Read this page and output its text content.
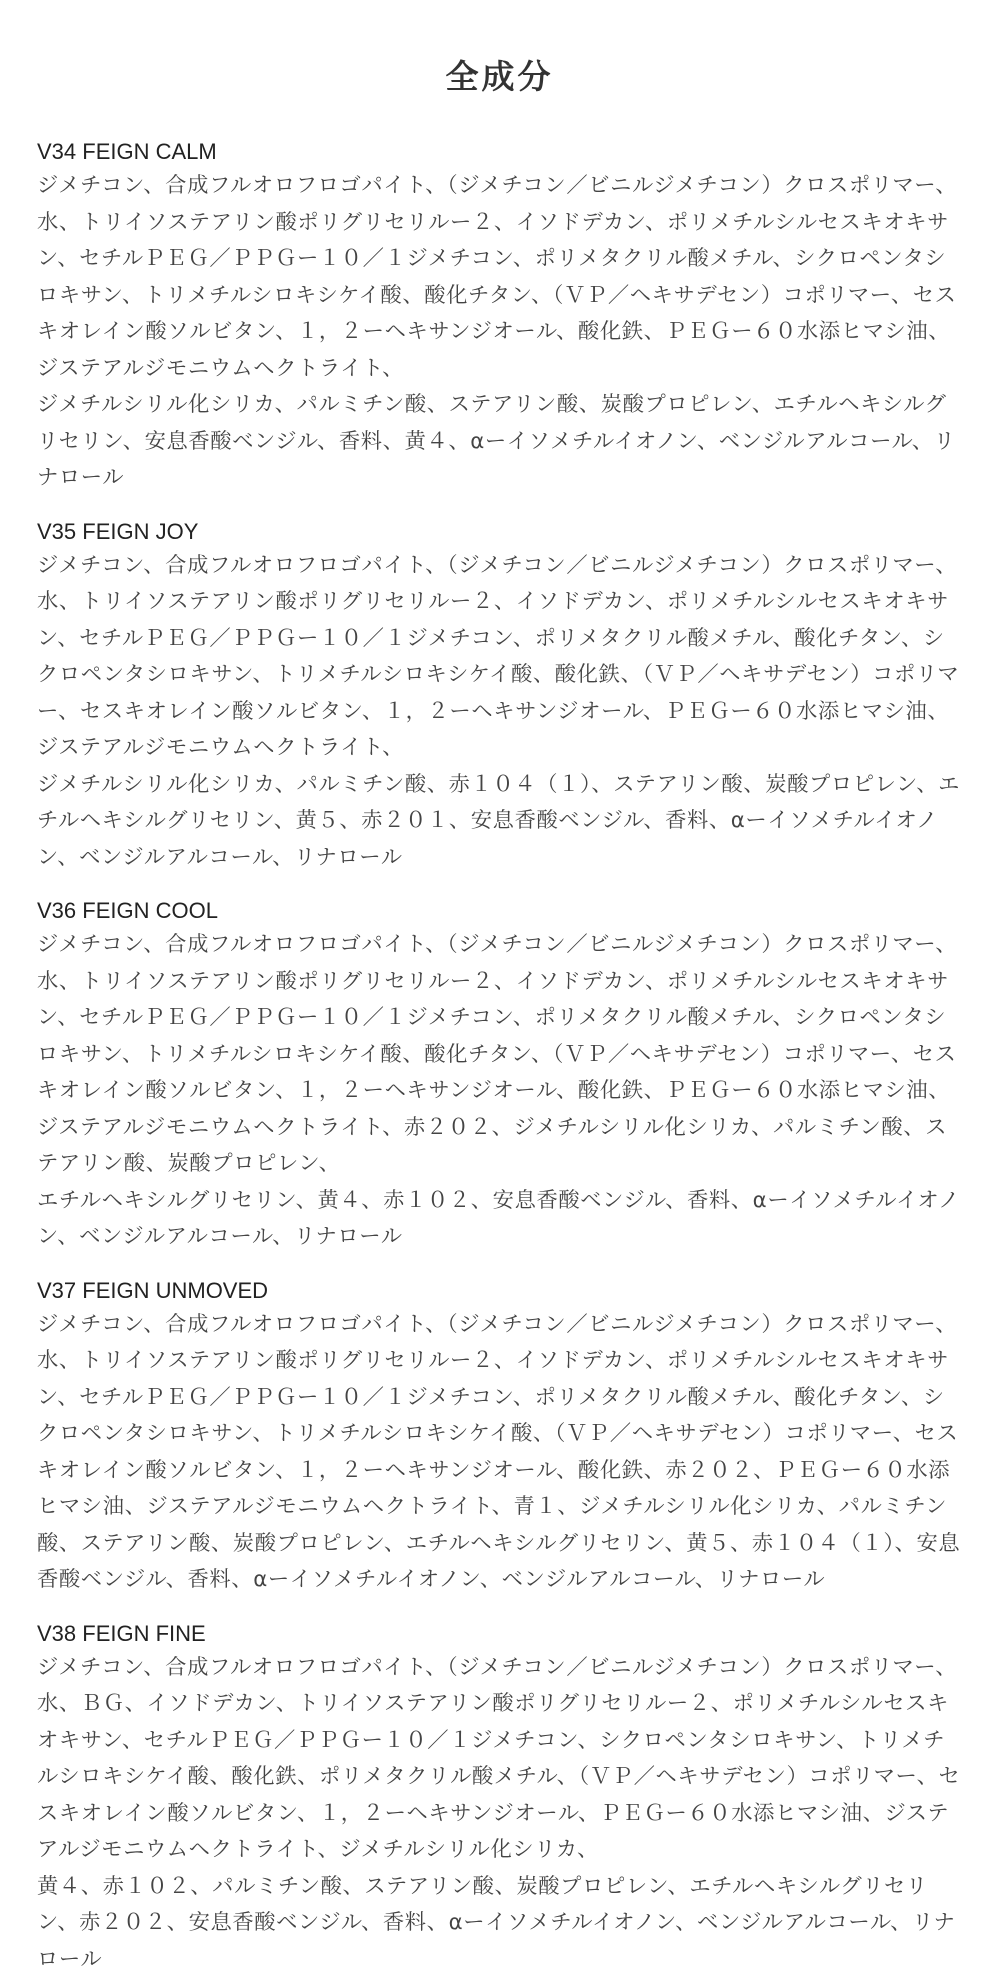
全成分
V34 FEIGN CALM

ジメチコン、合成フルオロフロゴパイト、（ジメチコン／ビニルジメチコン）クロスポリマー、水、トリイソステアリン酸ポリグリセリルー２、イソドデカン、ポリメチルシルセスキオキサン、セチルＰＥＧ／ＰＰＧー１０／１ジメチコン、ポリメタクリル酸メチル、シクロペンタシロキサン、トリメチルシロキシケイ酸、酸化チタン、（ＶＰ／ヘキサデセン）コポリマー、セスキオレイン酸ソルビタン、１，２ーヘキサンジオール、酸化鉄、ＰＥＧー６０水添ヒマシ油、ジステアルジモニウムヘクトライト、
ジメチルシリル化シリカ、パルミチン酸、ステアリン酸、炭酸プロピレン、エチルヘキシルグリセリン、安息香酸ベンジル、香料、黄４、αーイソメチルイオノン、ベンジルアルコール、リナロール

V35 FEIGN JOY

ジメチコン、合成フルオロフロゴパイト、（ジメチコン／ビニルジメチコン）クロスポリマー、水、トリイソステアリン酸ポリグリセリルー２、イソドデカン、ポリメチルシルセスキオキサン、セチルＰＥＧ／ＰＰＧー１０／１ジメチコン、ポリメタクリル酸メチル、酸化チタン、シクロペンタシロキサン、トリメチルシロキシケイ酸、酸化鉄、（ＶＰ／ヘキサデセン）コポリマー、セスキオレイン酸ソルビタン、１，２ーヘキサンジオール、ＰＥＧー６０水添ヒマシ油、ジステアルジモニウムヘクトライト、
ジメチルシリル化シリカ、パルミチン酸、赤１０４（１）、ステアリン酸、炭酸プロピレン、エチルヘキシルグリセリン、黄５、赤２０１、安息香酸ベンジル、香料、αーイソメチルイオノン、ベンジルアルコール、リナロール

V36 FEIGN COOL

ジメチコン、合成フルオロフロゴパイト、（ジメチコン／ビニルジメチコン）クロスポリマー、水、トリイソステアリン酸ポリグリセリルー２、イソドデカン、ポリメチルシルセスキオキサン、セチルＰＥＧ／ＰＰＧー１０／１ジメチコン、ポリメタクリル酸メチル、シクロペンタシロキサン、トリメチルシロキシケイ酸、酸化チタン、（ＶＰ／ヘキサデセン）コポリマー、セスキオレイン酸ソルビタン、１，２ーヘキサンジオール、酸化鉄、ＰＥＧー６０水添ヒマシ油、ジステアルジモニウムヘクトライト、赤２０２、ジメチルシリル化シリカ、パルミチン酸、ステアリン酸、炭酸プロピレン、
エチルヘキシルグリセリン、黄４、赤１０２、安息香酸ベンジル、香料、αーイソメチルイオノン、ベンジルアルコール、リナロール

V37 FEIGN UNMOVED

ジメチコン、合成フルオロフロゴパイト、（ジメチコン／ビニルジメチコン）クロスポリマー、水、トリイソステアリン酸ポリグリセリルー２、イソドデカン、ポリメチルシルセスキオキサン、セチルＰＥＧ／ＰＰＧー１０／１ジメチコン、ポリメタクリル酸メチル、酸化チタン、シクロペンタシロキサン、トリメチルシロキシケイ酸、（ＶＰ／ヘキサデセン）コポリマー、セスキオレイン酸ソルビタン、１，２ーヘキサンジオール、酸化鉄、赤２０２、ＰＥＧー６０水添ヒマシ油、ジステアルジモニウムヘクトライト、青１、ジメチルシリル化シリカ、パルミチン酸、ステアリン酸、炭酸プロピレン、エチルヘキシルグリセリン、黄５、赤１０４（１）、安息香酸ベンジル、香料、αーイソメチルイオノン、ベンジルアルコール、リナロール

V38 FEIGN FINE

ジメチコン、合成フルオロフロゴパイト、（ジメチコン／ビニルジメチコン）クロスポリマー、水、ＢＧ、イソドデカン、トリイソステアリン酸ポリグリセリルー２、ポリメチルシルセスキオキサン、セチルＰＥＧ／ＰＰＧー１０／１ジメチコン、シクロペンタシロキサン、トリメチルシロキシケイ酸、酸化鉄、ポリメタクリル酸メチル、（ＶＰ／ヘキサデセン）コポリマー、セスキオレイン酸ソルビタン、１，２ーヘキサンジオール、ＰＥＧー６０水添ヒマシ油、ジステアルジモニウムヘクトライト、ジメチルシリル化シリカ、
黄４、赤１０２、パルミチン酸、ステアリン酸、炭酸プロピレン、エチルヘキシルグリセリン、赤２０２、安息香酸ベンジル、香料、αーイソメチルイオノン、ベンジルアルコール、リナロール
